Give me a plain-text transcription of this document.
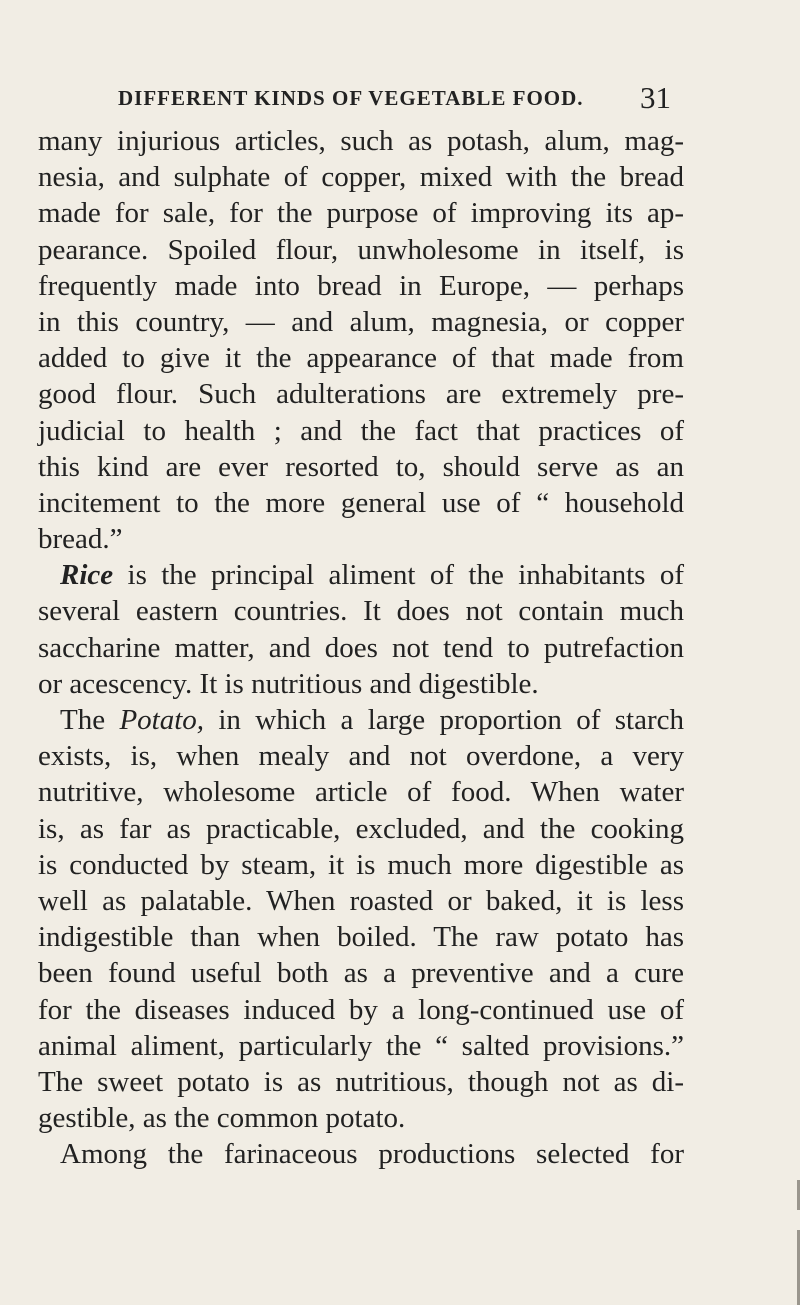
DIFFERENT KINDS OF VEGETABLE FOOD. 31
many injurious articles, such as potash, alum, mag-
nesia, and sulphate of copper, mixed with the bread
made for sale, for the purpose of improving its ap-
pearance. Spoiled flour, unwholesome in itself, is
frequently made into bread in Europe, — perhaps
in this country, — and alum, magnesia, or copper
added to give it the appearance of that made from
good flour. Such adulterations are extremely pre-
judicial to health ; and the fact that practices of
this kind are ever resorted to, should serve as an
incitement to the more general use of “ household
bread.”
Rice is the principal aliment of the inhabitants of
several eastern countries. It does not contain much
saccharine matter, and does not tend to putrefaction
or acescency. It is nutritious and digestible.
The Potato, in which a large proportion of starch
exists, is, when mealy and not overdone, a very
nutritive, wholesome article of food. When water
is, as far as practicable, excluded, and the cooking
is conducted by steam, it is much more digestible as
well as palatable. When roasted or baked, it is less
indigestible than when boiled. The raw potato has
been found useful both as a preventive and a cure
for the diseases induced by a long-continued use of
animal aliment, particularly the “ salted provisions.”
The sweet potato is as nutritious, though not as di-
gestible, as the common potato.
Among the farinaceous productions selected for
